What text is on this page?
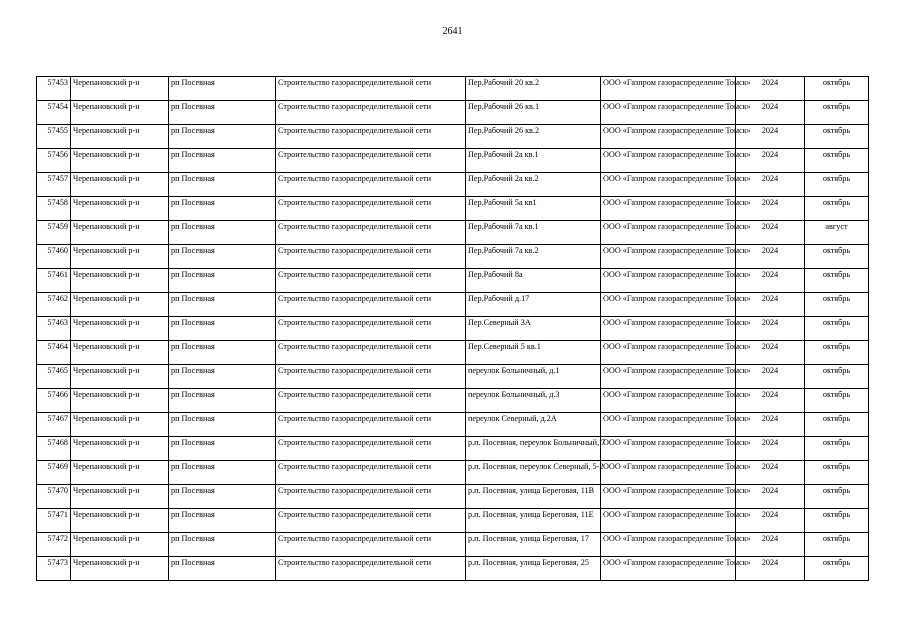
2641
57453	Черепановский р-н	рп Посевная	Строительство газораспределительной сети	Пер.Рабочий 20 кв.2	ООО «Газпром газораспределение Томск»	2024	октябрь
57454	Черепановский р-н	рп Посевная	Строительство газораспределительной сети	Пер.Рабочий 26 кв.1	ООО «Газпром газораспределение Томск»	2024	октябрь
57455	Черепановский р-н	рп Посевная	Строительство газораспределительной сети	Пер.Рабочий 26 кв.2	ООО «Газпром газораспределение Томск»	2024	октябрь
57456	Черепановский р-н	рп Посевная	Строительство газораспределительной сети	Пер.Рабочий 2а кв.1	ООО «Газпром газораспределение Томск»	2024	октябрь
57457	Черепановский р-н	рп Посевная	Строительство газораспределительной сети	Пер.Рабочий 2а кв.2	ООО «Газпром газораспределение Томск»	2024	октябрь
57458	Черепановский р-н	рп Посевная	Строительство газораспределительной сети	Пер.Рабочий 5а кв1	ООО «Газпром газораспределение Томск»	2024	октябрь
57459	Черепановский р-н	рп Посевная	Строительство газораспределительной сети	Пер.Рабочий 7а кв.1	ООО «Газпром газораспределение Томск»	2024	август
57460	Черепановский р-н	рп Посевная	Строительство газораспределительной сети	Пер.Рабочий 7а кв.2	ООО «Газпром газораспределение Томск»	2024	октябрь
57461	Черепановский р-н	рп Посевная	Строительство газораспределительной сети	Пер.Рабочий 8а	ООО «Газпром газораспределение Томск»	2024	октябрь
57462	Черепановский р-н	рп Посевная	Строительство газораспределительной сети	Пер.Рабочий д.17	ООО «Газпром газораспределение Томск»	2024	октябрь
57463	Черепановский р-н	рп Посевная	Строительство газораспределительной сети	Пер.Северный 3А	ООО «Газпром газораспределение Томск»	2024	октябрь
57464	Черепановский р-н	рп Посевная	Строительство газораспределительной сети	Пер.Северный 5 кв.1	ООО «Газпром газораспределение Томск»	2024	октябрь
57465	Черепановский р-н	рп Посевная	Строительство газораспределительной сети	переулок Больничный, д.1	ООО «Газпром газораспределение Томск»	2024	октябрь
57466	Черепановский р-н	рп Посевная	Строительство газораспределительной сети	переулок Больничный, д.3	ООО «Газпром газораспределение Томск»	2024	октябрь
57467	Черепановский р-н	рп Посевная	Строительство газораспределительной сети	переулок Северный, д.2А	ООО «Газпром газораспределение Томск»	2024	октябрь
57468	Черепановский р-н	рп Посевная	Строительство газораспределительной сети	р.п. Посевная, переулок Больничный, 7	ООО «Газпром газораспределение Томск»	2024	октябрь
57469	Черепановский р-н	рп Посевная	Строительство газораспределительной сети	р.п. Посевная, переулок Северный, 5-2	ООО «Газпром газораспределение Томск»	2024	октябрь
57470	Черепановский р-н	рп Посевная	Строительство газораспределительной сети	р.п. Посевная, улица Береговая, 11В	ООО «Газпром газораспределение Томск»	2024	октябрь
57471	Черепановский р-н	рп Посевная	Строительство газораспределительной сети	р.п. Посевная, улица Береговая, 11Е	ООО «Газпром газораспределение Томск»	2024	октябрь
57472	Черепановский р-н	рп Посевная	Строительство газораспределительной сети	р.п. Посевная, улица Береговая, 17	ООО «Газпром газораспределение Томск»	2024	октябрь
57473	Черепановский р-н	рп Посевная	Строительство газораспределительной сети	р.п. Посевная, улица Береговая, 25	ООО «Газпром газораспределение Томск»	2024	октябрь
